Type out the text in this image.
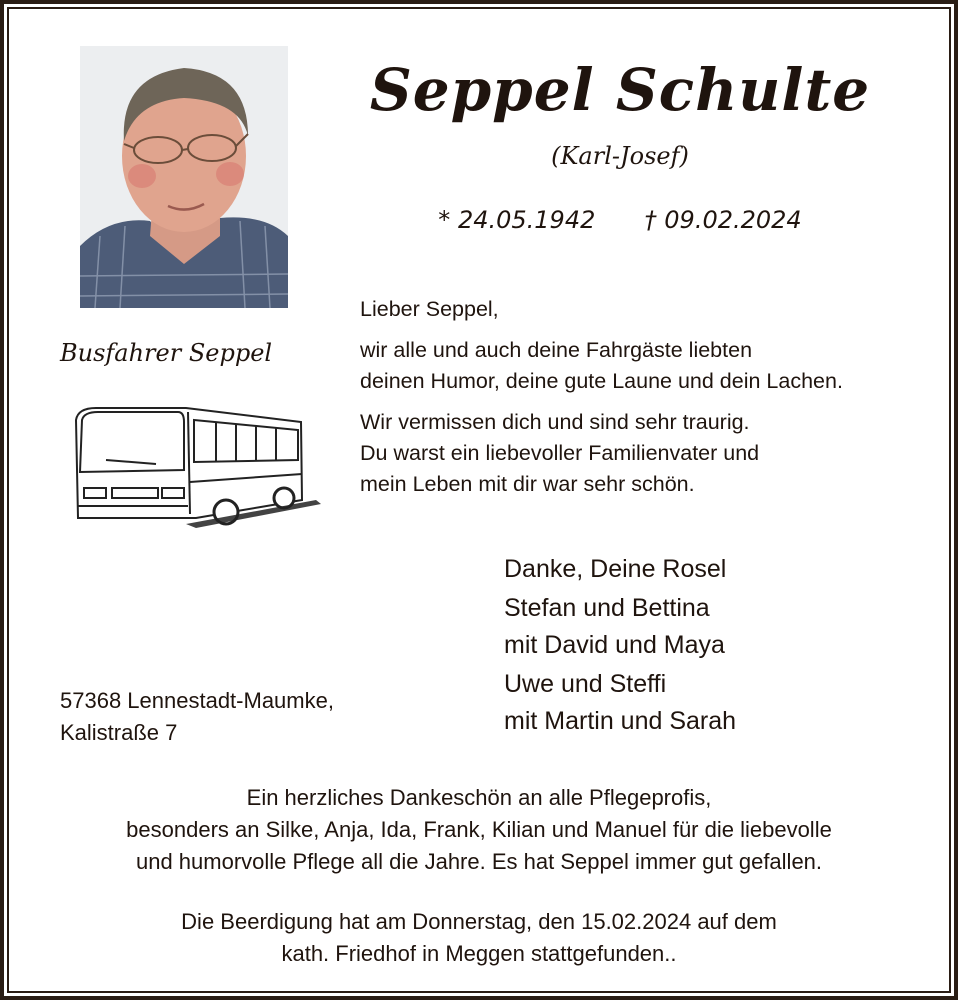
Seppel Schulte
(Karl-Josef)
* 24.05.1942 † 09.02.2024
Busfahrer Seppel

Lieber Seppel,

wir alle und auch deine Fahrgäste liebten
deinen Humor, deine gute Laune und dein Lachen.

Wir vermissen dich und sind sehr traurig.
Du warst ein liebevoller Familienvater und
mein Leben mit dir war sehr schön.

Danke, Deine Rosel

Stefan und Bettina
mit David und Maya

Uwe und Steffi
mit Martin und Sarah

57368 Lennestadt-Maumke,
Kalistraße 7
Ein herzliches Dankeschön an alle Pflegeprofis,
besonders an Silke, Anja, Ida, Frank, Kilian und Manuel für die liebevolle
und humorvolle Pflege all die Jahre. Es hat Seppel immer gut gefallen.
Die Beerdigung hat am Donnerstag, den 15.02.2024 auf dem
kath. Friedhof in Meggen stattgefunden..
